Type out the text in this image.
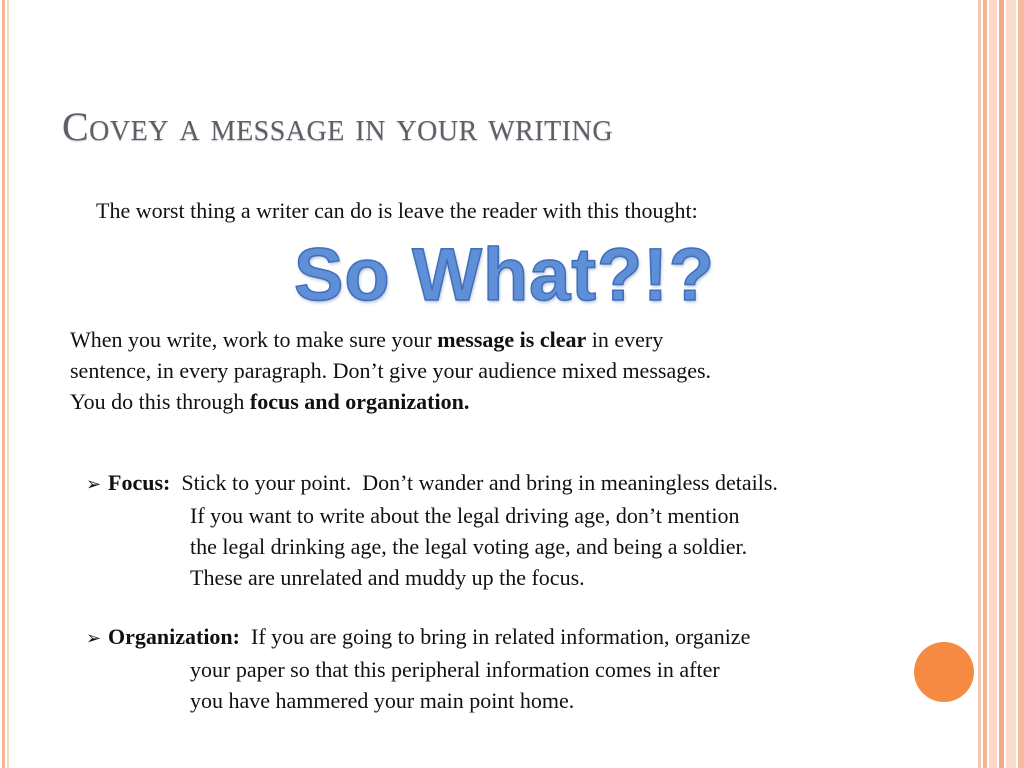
Covey a message in your writing
The worst thing a writer can do is leave the reader with this thought:
So What?!?
When you write, work to make sure your message is clear in every
sentence, in every paragraph. Don’t give your audience mixed messages.
You do this through focus and organization.
➢ Focus:  Stick to your point.  Don’t wander and bring in meaningless details.
If you want to write about the legal driving age, don’t mention
the legal drinking age, the legal voting age, and being a soldier.
These are unrelated and muddy up the focus.
➢ Organization:  If you are going to bring in related information, organize
your paper so that this peripheral information comes in after
you have hammered your main point home.
